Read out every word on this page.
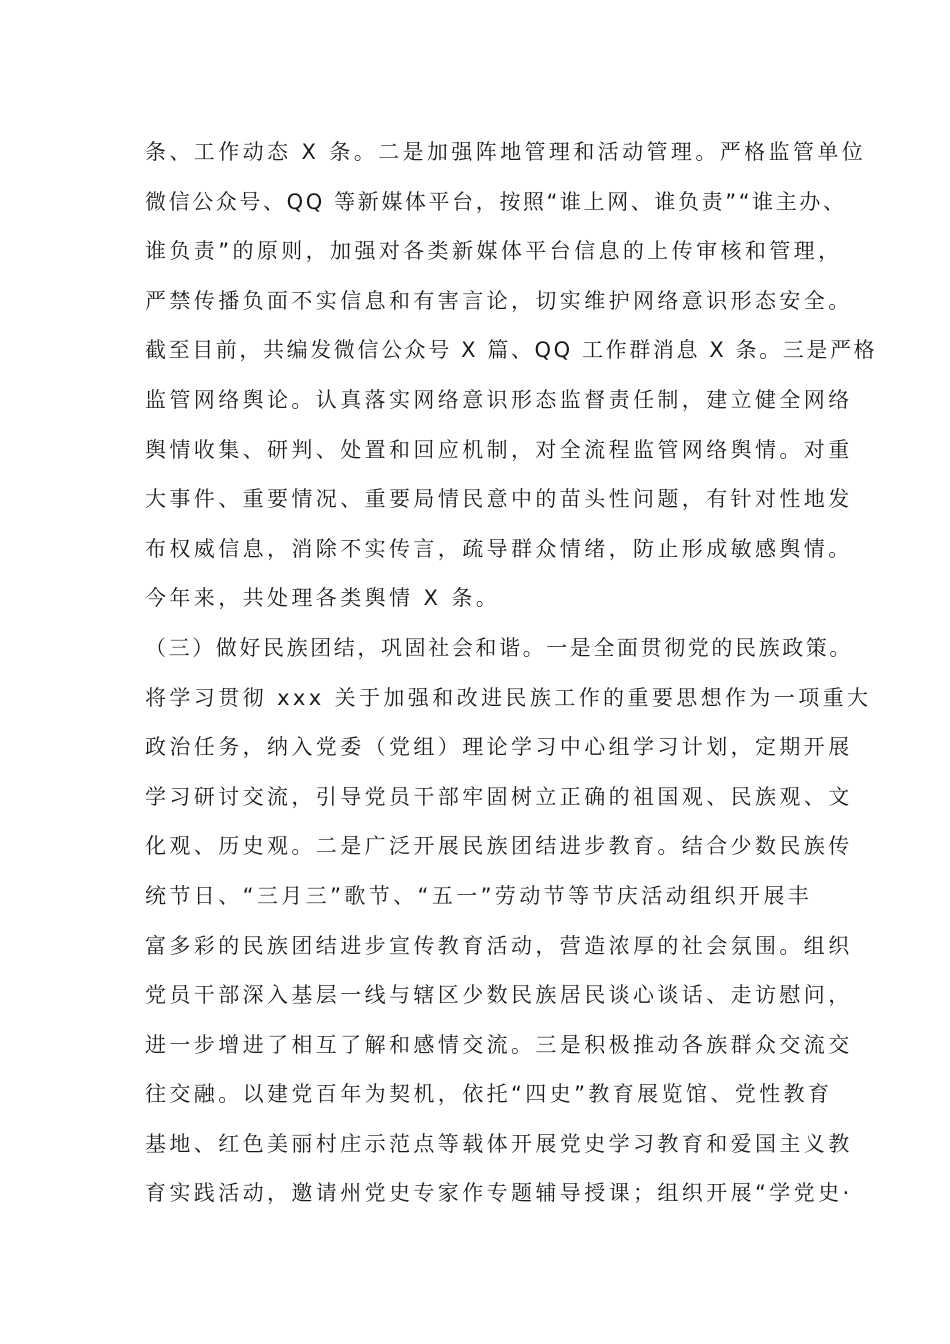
条、工作动态 X 条。二是加强阵地管理和活动管理。严格监管单位
微信公众号、QQ 等新媒体平台，按照“谁上网、谁负责”“谁主办、
谁负责”的原则，加强对各类新媒体平台信息的上传审核和管理，
严禁传播负面不实信息和有害言论，切实维护网络意识形态安全。
截至目前，共编发微信公众号 X 篇、QQ 工作群消息 X 条。三是严格
监管网络舆论。认真落实网络意识形态监督责任制，建立健全网络
舆情收集、研判、处置和回应机制，对全流程监管网络舆情。对重
大事件、重要情况、重要局情民意中的苗头性问题，有针对性地发
布权威信息，消除不实传言，疏导群众情绪，防止形成敏感舆情。
今年来，共处理各类舆情 X 条。
（三）做好民族团结，巩固社会和谐。一是全面贯彻党的民族政策。
将学习贯彻 xxx 关于加强和改进民族工作的重要思想作为一项重大
政治任务，纳入党委（党组）理论学习中心组学习计划，定期开展
学习研讨交流，引导党员干部牢固树立正确的祖国观、民族观、文
化观、历史观。二是广泛开展民族团结进步教育。结合少数民族传
统节日、“三月三”歌节、“五一”劳动节等节庆活动组织开展丰
富多彩的民族团结进步宣传教育活动，营造浓厚的社会氛围。组织
党员干部深入基层一线与辖区少数民族居民谈心谈话、走访慰问，
进一步增进了相互了解和感情交流。三是积极推动各族群众交流交
往交融。以建党百年为契机，依托“四史”教育展览馆、党性教育
基地、红色美丽村庄示范点等载体开展党史学习教育和爱国主义教
育实践活动，邀请州党史专家作专题辅导授课；组织开展“学党史·
